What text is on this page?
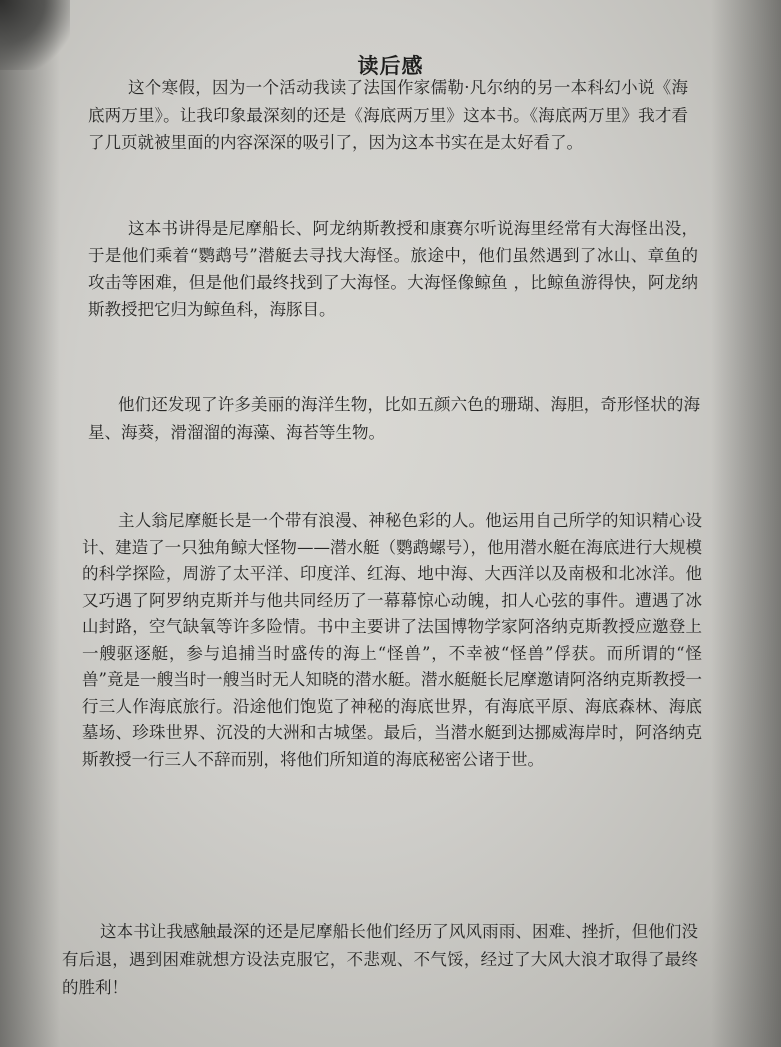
读后感

这个寒假，因为一个活动我读了法国作家儒勒·凡尔纳的另一本科幻小说《海底两万里》。让我印象最深刻的还是《海底两万里》这本书。《海底两万里》我才看了几页就被里面的内容深深的吸引了，因为这本书实在是太好看了。

这本书讲得是尼摩船长、阿龙纳斯教授和康赛尔听说海里经常有大海怪出没，于是他们乘着“鹦鹉号”潜艇去寻找大海怪。旅途中，他们虽然遇到了冰山、章鱼的攻击等困难，但是他们最终找到了大海怪。大海怪像鲸鱼 ，比鲸鱼游得快，阿龙纳斯教授把它归为鲸鱼科，海豚目。

他们还发现了许多美丽的海洋生物，比如五颜六色的珊瑚、海胆，奇形怪状的海星、海葵，滑溜溜的海藻、海苔等生物。

主人翁尼摩艇长是一个带有浪漫、神秘色彩的人。他运用自己所学的知识精心设计、建造了一只独角鲸大怪物——潜水艇（鹦鹉螺号），他用潜水艇在海底进行大规模的科学探险，周游了太平洋、印度洋、红海、地中海、大西洋以及南极和北冰洋。他又巧遇了阿罗纳克斯并与他共同经历了一幕幕惊心动魄，扣人心弦的事件。遭遇了冰山封路，空气缺氧等许多险情。书中主要讲了法国博物学家阿洛纳克斯教授应邀登上一艘驱逐艇，参与追捕当时盛传的海上“怪兽”，不幸被“怪兽”俘获。而所谓的“怪兽”竟是一艘当时一艘当时无人知晓的潜水艇。潜水艇艇长尼摩邀请阿洛纳克斯教授一行三人作海底旅行。沿途他们饱览了神秘的海底世界，有海底平原、海底森林、海底墓场、珍珠世界、沉没的大洲和古城堡。最后，当潜水艇到达挪威海岸时，阿洛纳克斯教授一行三人不辞而别，将他们所知道的海底秘密公诸于世。

这本书让我感触最深的还是尼摩船长他们经历了风风雨雨、困难、挫折，但他们没有后退，遇到困难就想方设法克服它，不悲观、不气馁，经过了大风大浪才取得了最终的胜利！
